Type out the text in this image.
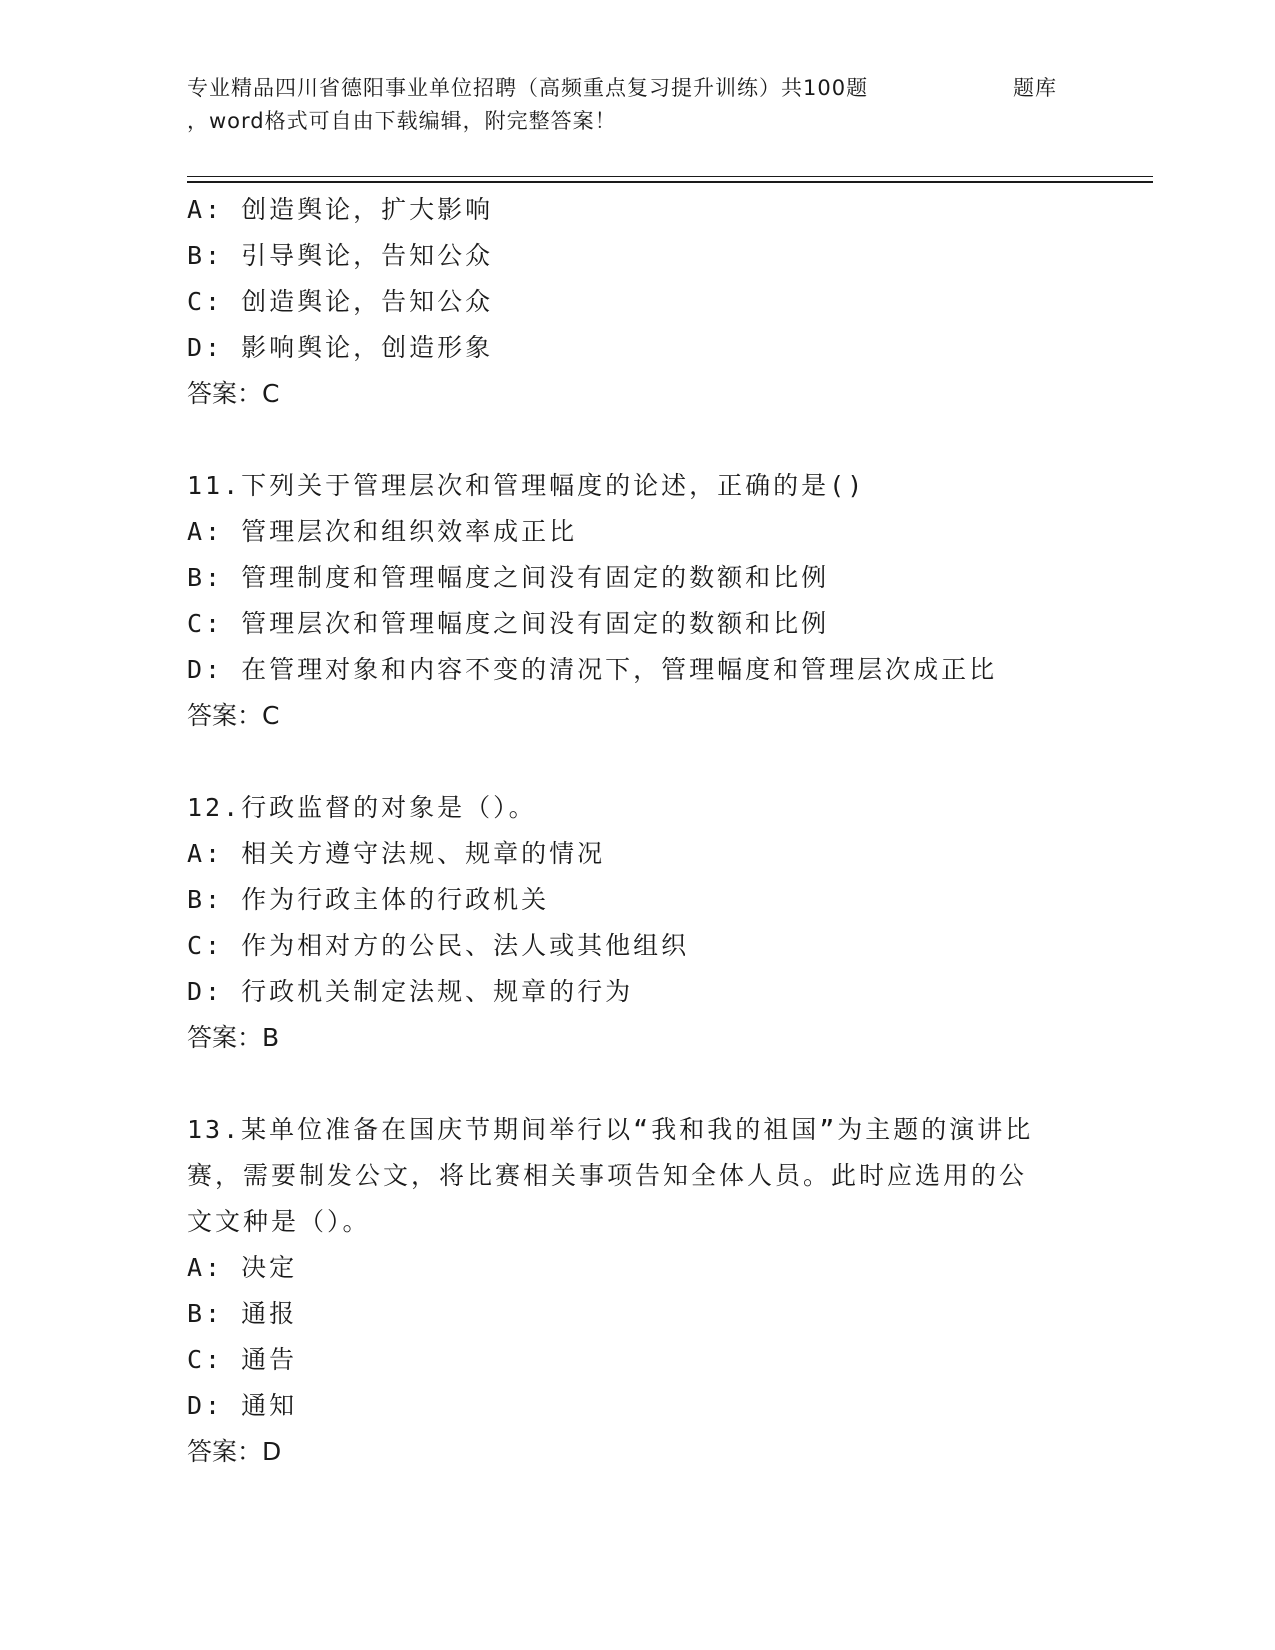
专业精品四川省德阳事业单位招聘（高频重点复习提升训练）共100题	题库
，word格式可自由下载编辑，附完整答案！
A: 创造舆论，扩大影响
B: 引导舆论，告知公众
C: 创造舆论，告知公众
D: 影响舆论，创造形象
答案：C
11.下列关于管理层次和管理幅度的论述，正确的是()
A: 管理层次和组织效率成正比
B: 管理制度和管理幅度之间没有固定的数额和比例
C: 管理层次和管理幅度之间没有固定的数额和比例
D: 在管理对象和内容不变的清况下，管理幅度和管理层次成正比
答案：C
12.行政监督的对象是（）。
A: 相关方遵守法规、规章的情况
B: 作为行政主体的行政机关
C: 作为相对方的公民、法人或其他组织
D: 行政机关制定法规、规章的行为
答案：B
13.某单位准备在国庆节期间举行以“我和我的祖国”为主题的演讲比
赛，需要制发公文，将比赛相关事项告知全体人员。此时应选用的公
文文种是（）。
A: 决定
B: 通报
C: 通告
D: 通知
答案：D
